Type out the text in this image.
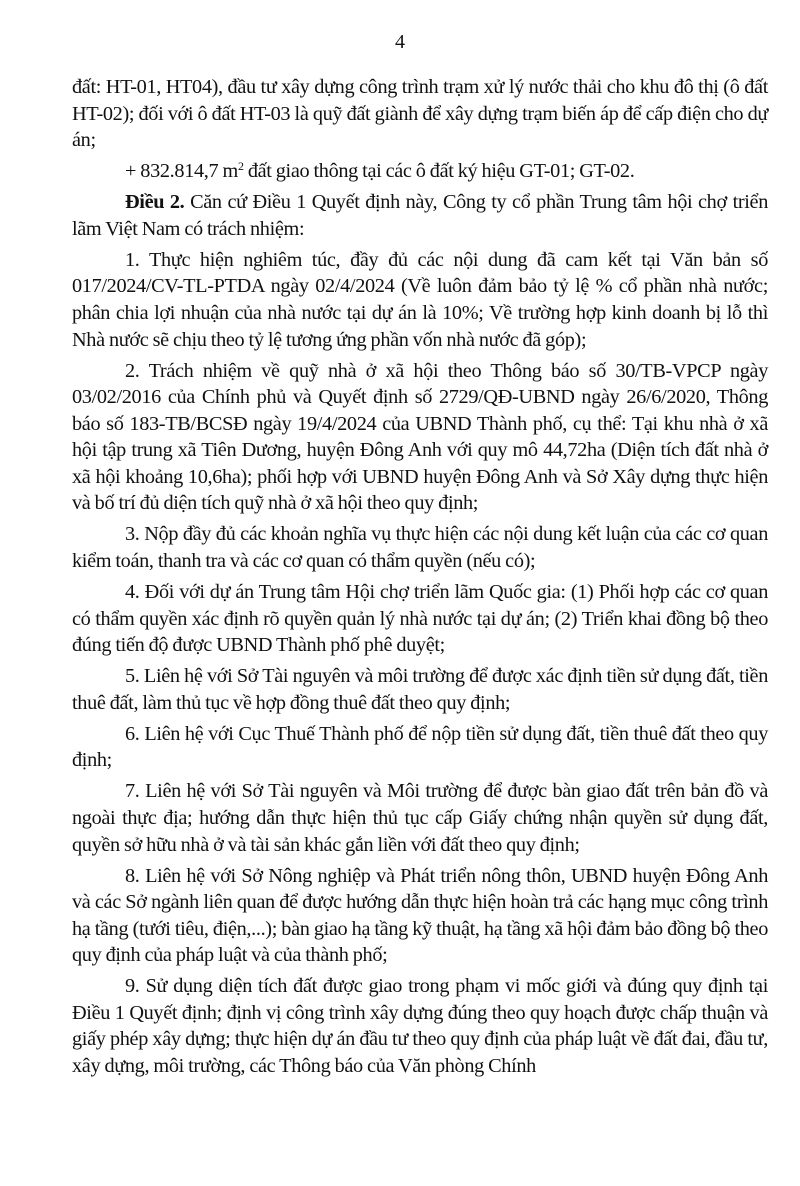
4

đất: HT-01, HT04), đầu tư xây dựng công trình trạm xử lý nước thải cho khu đô thị (ô đất HT-02); đối với ô đất HT-03 là quỹ đất giành để xây dựng trạm biến áp để cấp điện cho dự án;

+ 832.814,7 $m^2$ đất giao thông tại các ô đất ký hiệu GT-01; GT-02.

Điều 2. Căn cứ Điều 1 Quyết định này, Công ty cổ phần Trung tâm hội chợ triển lãm Việt Nam có trách nhiệm:

1. Thực hiện nghiêm túc, đầy đủ các nội dung đã cam kết tại Văn bản số 017/2024/CV-TL-PTDA ngày 02/4/2024 (Về luôn đảm bảo tỷ lệ % cổ phần nhà nước; phân chia lợi nhuận của nhà nước tại dự án là 10%; Về trường hợp kinh doanh bị lỗ thì Nhà nước sẽ chịu theo tỷ lệ tương ứng phần vốn nhà nước đã góp);

2. Trách nhiệm về quỹ nhà ở xã hội theo Thông báo số 30/TB-VPCP ngày 03/02/2016 của Chính phủ và Quyết định số 2729/QĐ-UBND ngày 26/6/2020, Thông báo số 183-TB/BCSĐ ngày 19/4/2024 của UBND Thành phố, cụ thể: Tại khu nhà ở xã hội tập trung xã Tiên Dương, huyện Đông Anh với quy mô 44,72ha (Diện tích đất nhà ở xã hội khoảng 10,6ha); phối hợp với UBND huyện Đông Anh và Sở Xây dựng thực hiện và bố trí đủ diện tích quỹ nhà ở xã hội theo quy định;

3. Nộp đầy đủ các khoản nghĩa vụ thực hiện các nội dung kết luận của các cơ quan kiểm toán, thanh tra và các cơ quan có thẩm quyền (nếu có);

4. Đối với dự án Trung tâm Hội chợ triển lãm Quốc gia: (1) Phối hợp các cơ quan có thẩm quyền xác định rõ quyền quản lý nhà nước tại dự án; (2) Triển khai đồng bộ theo đúng tiến độ được UBND Thành phố phê duyệt;

5. Liên hệ với Sở Tài nguyên và môi trường để được xác định tiền sử dụng đất, tiền thuê đất, làm thủ tục về hợp đồng thuê đất theo quy định;

6. Liên hệ với Cục Thuế Thành phố để nộp tiền sử dụng đất, tiền thuê đất theo quy định;

7. Liên hệ với Sở Tài nguyên và Môi trường để được bàn giao đất trên bản đồ và ngoài thực địa; hướng dẫn thực hiện thủ tục cấp Giấy chứng nhận quyền sử dụng đất, quyền sở hữu nhà ở và tài sản khác gắn liền với đất theo quy định;

8. Liên hệ với Sở Nông nghiệp và Phát triển nông thôn, UBND huyện Đông Anh và các Sở ngành liên quan để được hướng dẫn thực hiện hoàn trả các hạng mục công trình hạ tầng (tưới tiêu, điện,...); bàn giao hạ tầng kỹ thuật, hạ tầng xã hội đảm bảo đồng bộ theo quy định của pháp luật và của thành phố;

9. Sử dụng diện tích đất được giao trong phạm vi mốc giới và đúng quy định tại Điều 1 Quyết định; định vị công trình xây dựng đúng theo quy hoạch được chấp thuận và giấy phép xây dựng; thực hiện dự án đầu tư theo quy định của pháp luật về đất đai, đầu tư, xây dựng, môi trường, các Thông báo của Văn phòng Chính
